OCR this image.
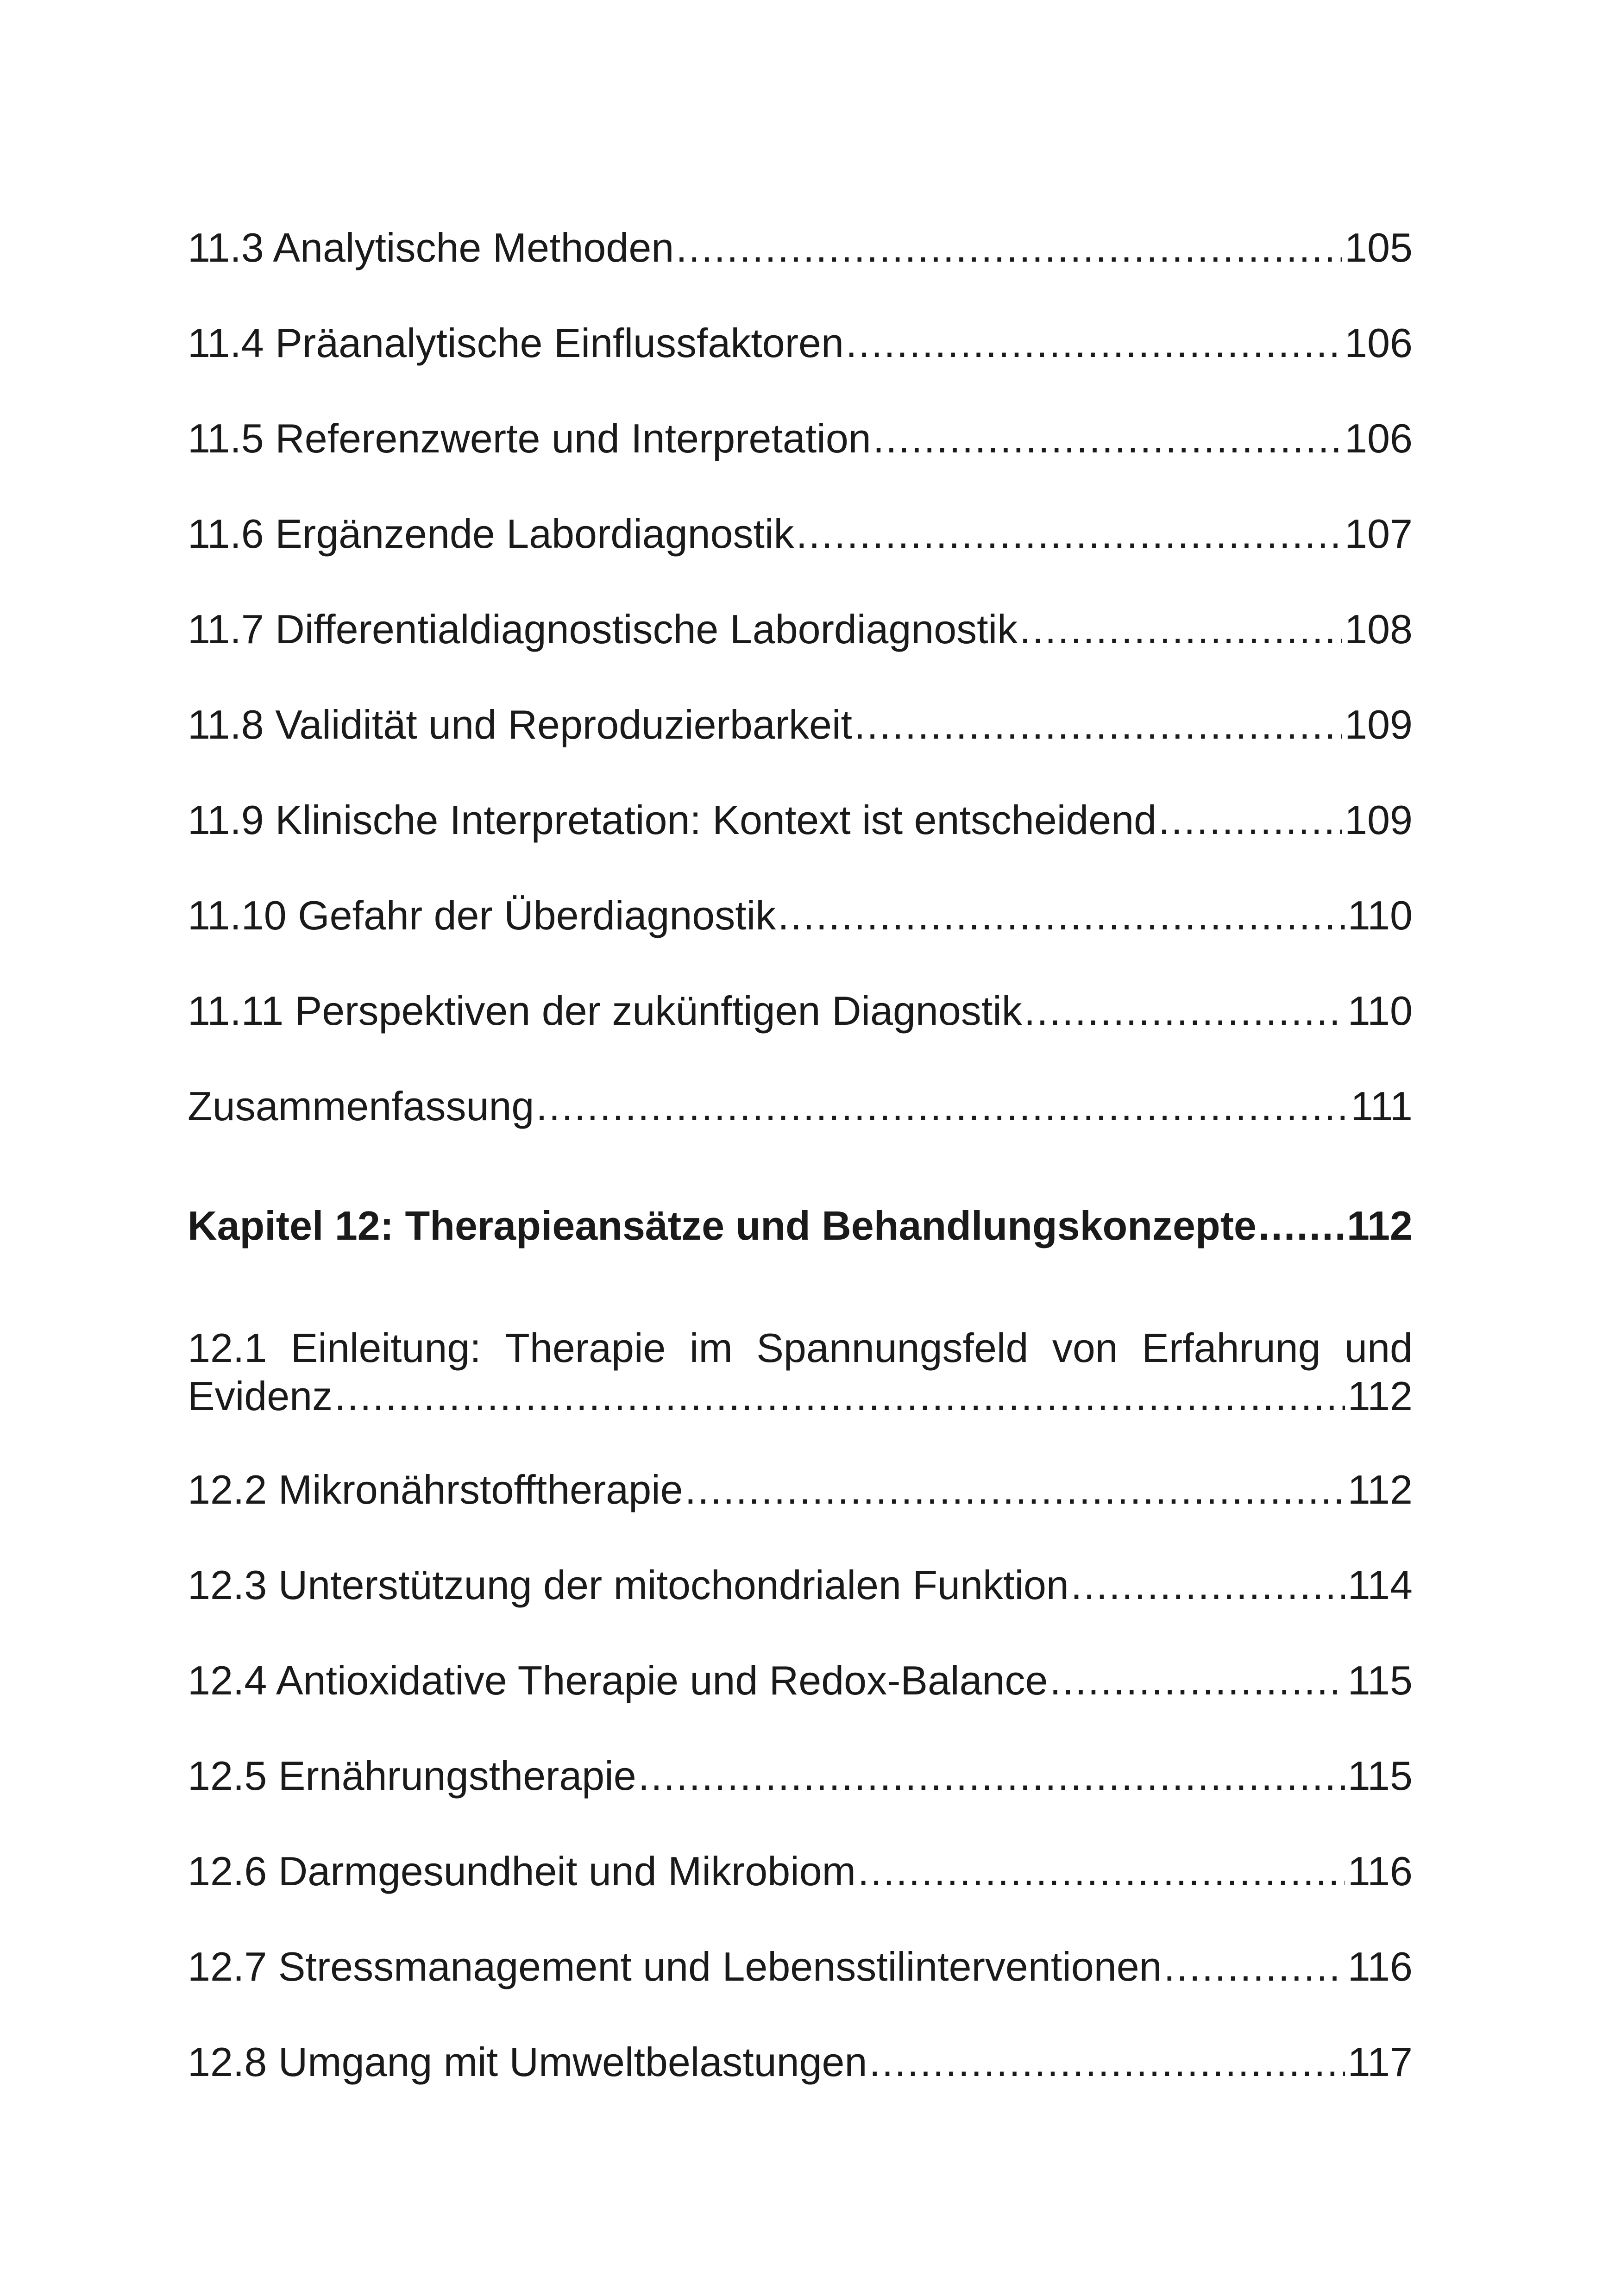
11.3 Analytische Methoden .....	105
11.4 Präanalytische Einflussfaktoren .....	106
11.5 Referenzwerte und Interpretation .....	106
11.6 Ergänzende Labordiagnostik .....	107
11.7 Differentialdiagnostische Labordiagnostik .....	108
11.8 Validität und Reproduzierbarkeit .....	109
11.9 Klinische Interpretation: Kontext ist entscheidend .....	109
11.10 Gefahr der Überdiagnostik .....	110
11.11 Perspektiven der zukünftigen Diagnostik .....	110
Zusammenfassung .....	111
Kapitel 12: Therapieansätze und Behandlungskonzepte ..... 112
12.1 Einleitung: Therapie im Spannungsfeld von Erfahrung und
Evidenz .....	112
12.2 Mikronährstofftherapie .....	112
12.3 Unterstützung der mitochondrialen Funktion .....	114
12.4 Antioxidative Therapie und Redox-Balance .....	115
12.5 Ernährungstherapie .....	115
12.6 Darmgesundheit und Mikrobiom .....	116
12.7 Stressmanagement und Lebensstilinterventionen .....	116
12.8 Umgang mit Umweltbelastungen .....	117
